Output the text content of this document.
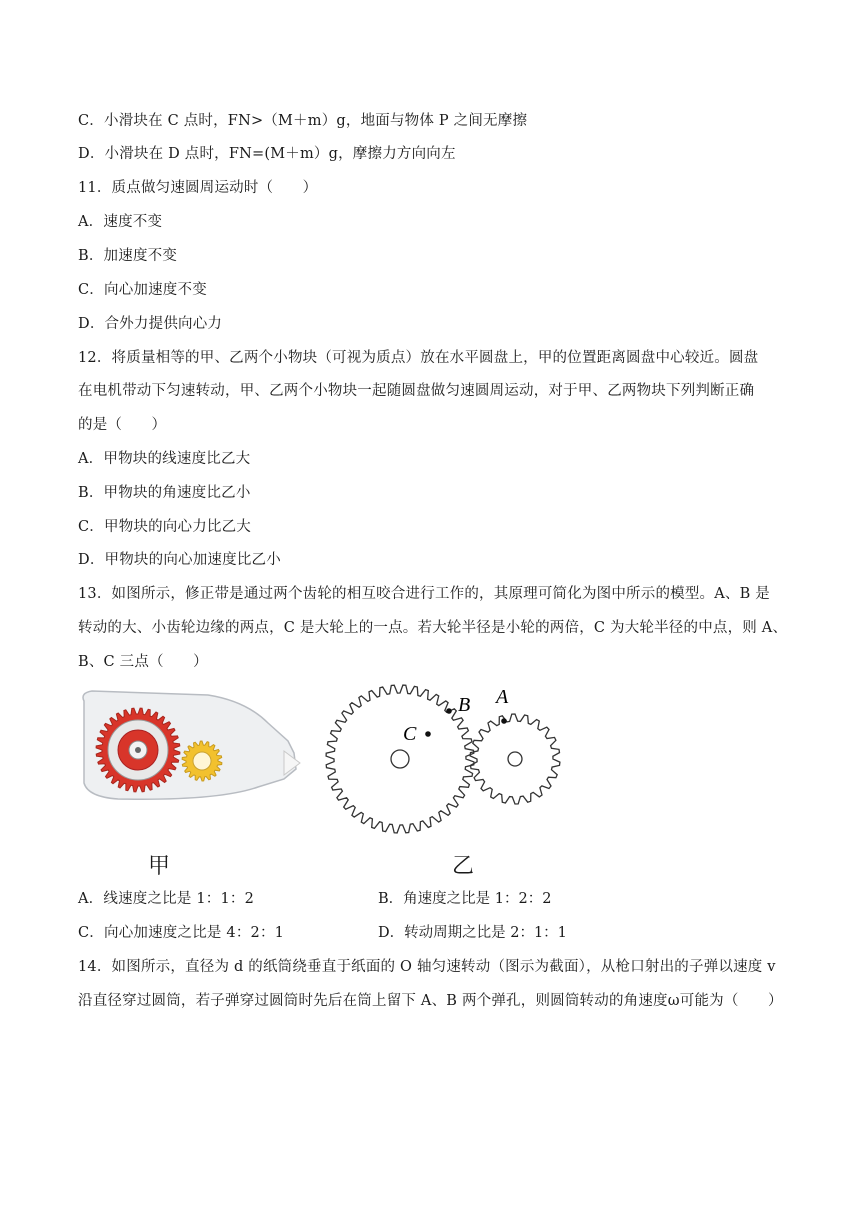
C．小滑块在 C 点时，FN>（M＋m）g，地面与物体 P 之间无摩擦
D．小滑块在 D 点时，FN=(M＋m）g，摩擦力方向向左
11．质点做匀速圆周运动时（　　）
A．速度不变
B．加速度不变
C．向心加速度不变
D．合外力提供向心力
12．将质量相等的甲、乙两个小物块（可视为质点）放在水平圆盘上，甲的位置距离圆盘中心较近。圆盘
在电机带动下匀速转动，甲、乙两个小物块一起随圆盘做匀速圆周运动，对于甲、乙两物块下列判断正确
的是（　　）
A．甲物块的线速度比乙大
B．甲物块的角速度比乙小
C．甲物块的向心力比乙大
D．甲物块的向心加速度比乙小
13．如图所示，修正带是通过两个齿轮的相互咬合进行工作的，其原理可简化为图中所示的模型。A、B 是
转动的大、小齿轮边缘的两点，C 是大轮上的一点。若大轮半径是小轮的两倍，C 为大轮半径的中点，则 A、
B、C 三点（　　）
C
B A
甲	乙
A．线速度之比是 1：1：2	B．角速度之比是 1：2：2
C．向心加速度之比是 4：2：1	D．转动周期之比是 2：1：1
14．如图所示，直径为 d 的纸筒绕垂直于纸面的 O 轴匀速转动（图示为截面），从枪口射出的子弹以速度 v
沿直径穿过圆筒，若子弹穿过圆筒时先后在筒上留下 A、B 两个弹孔，则圆筒转动的角速度ω可能为（　　）
